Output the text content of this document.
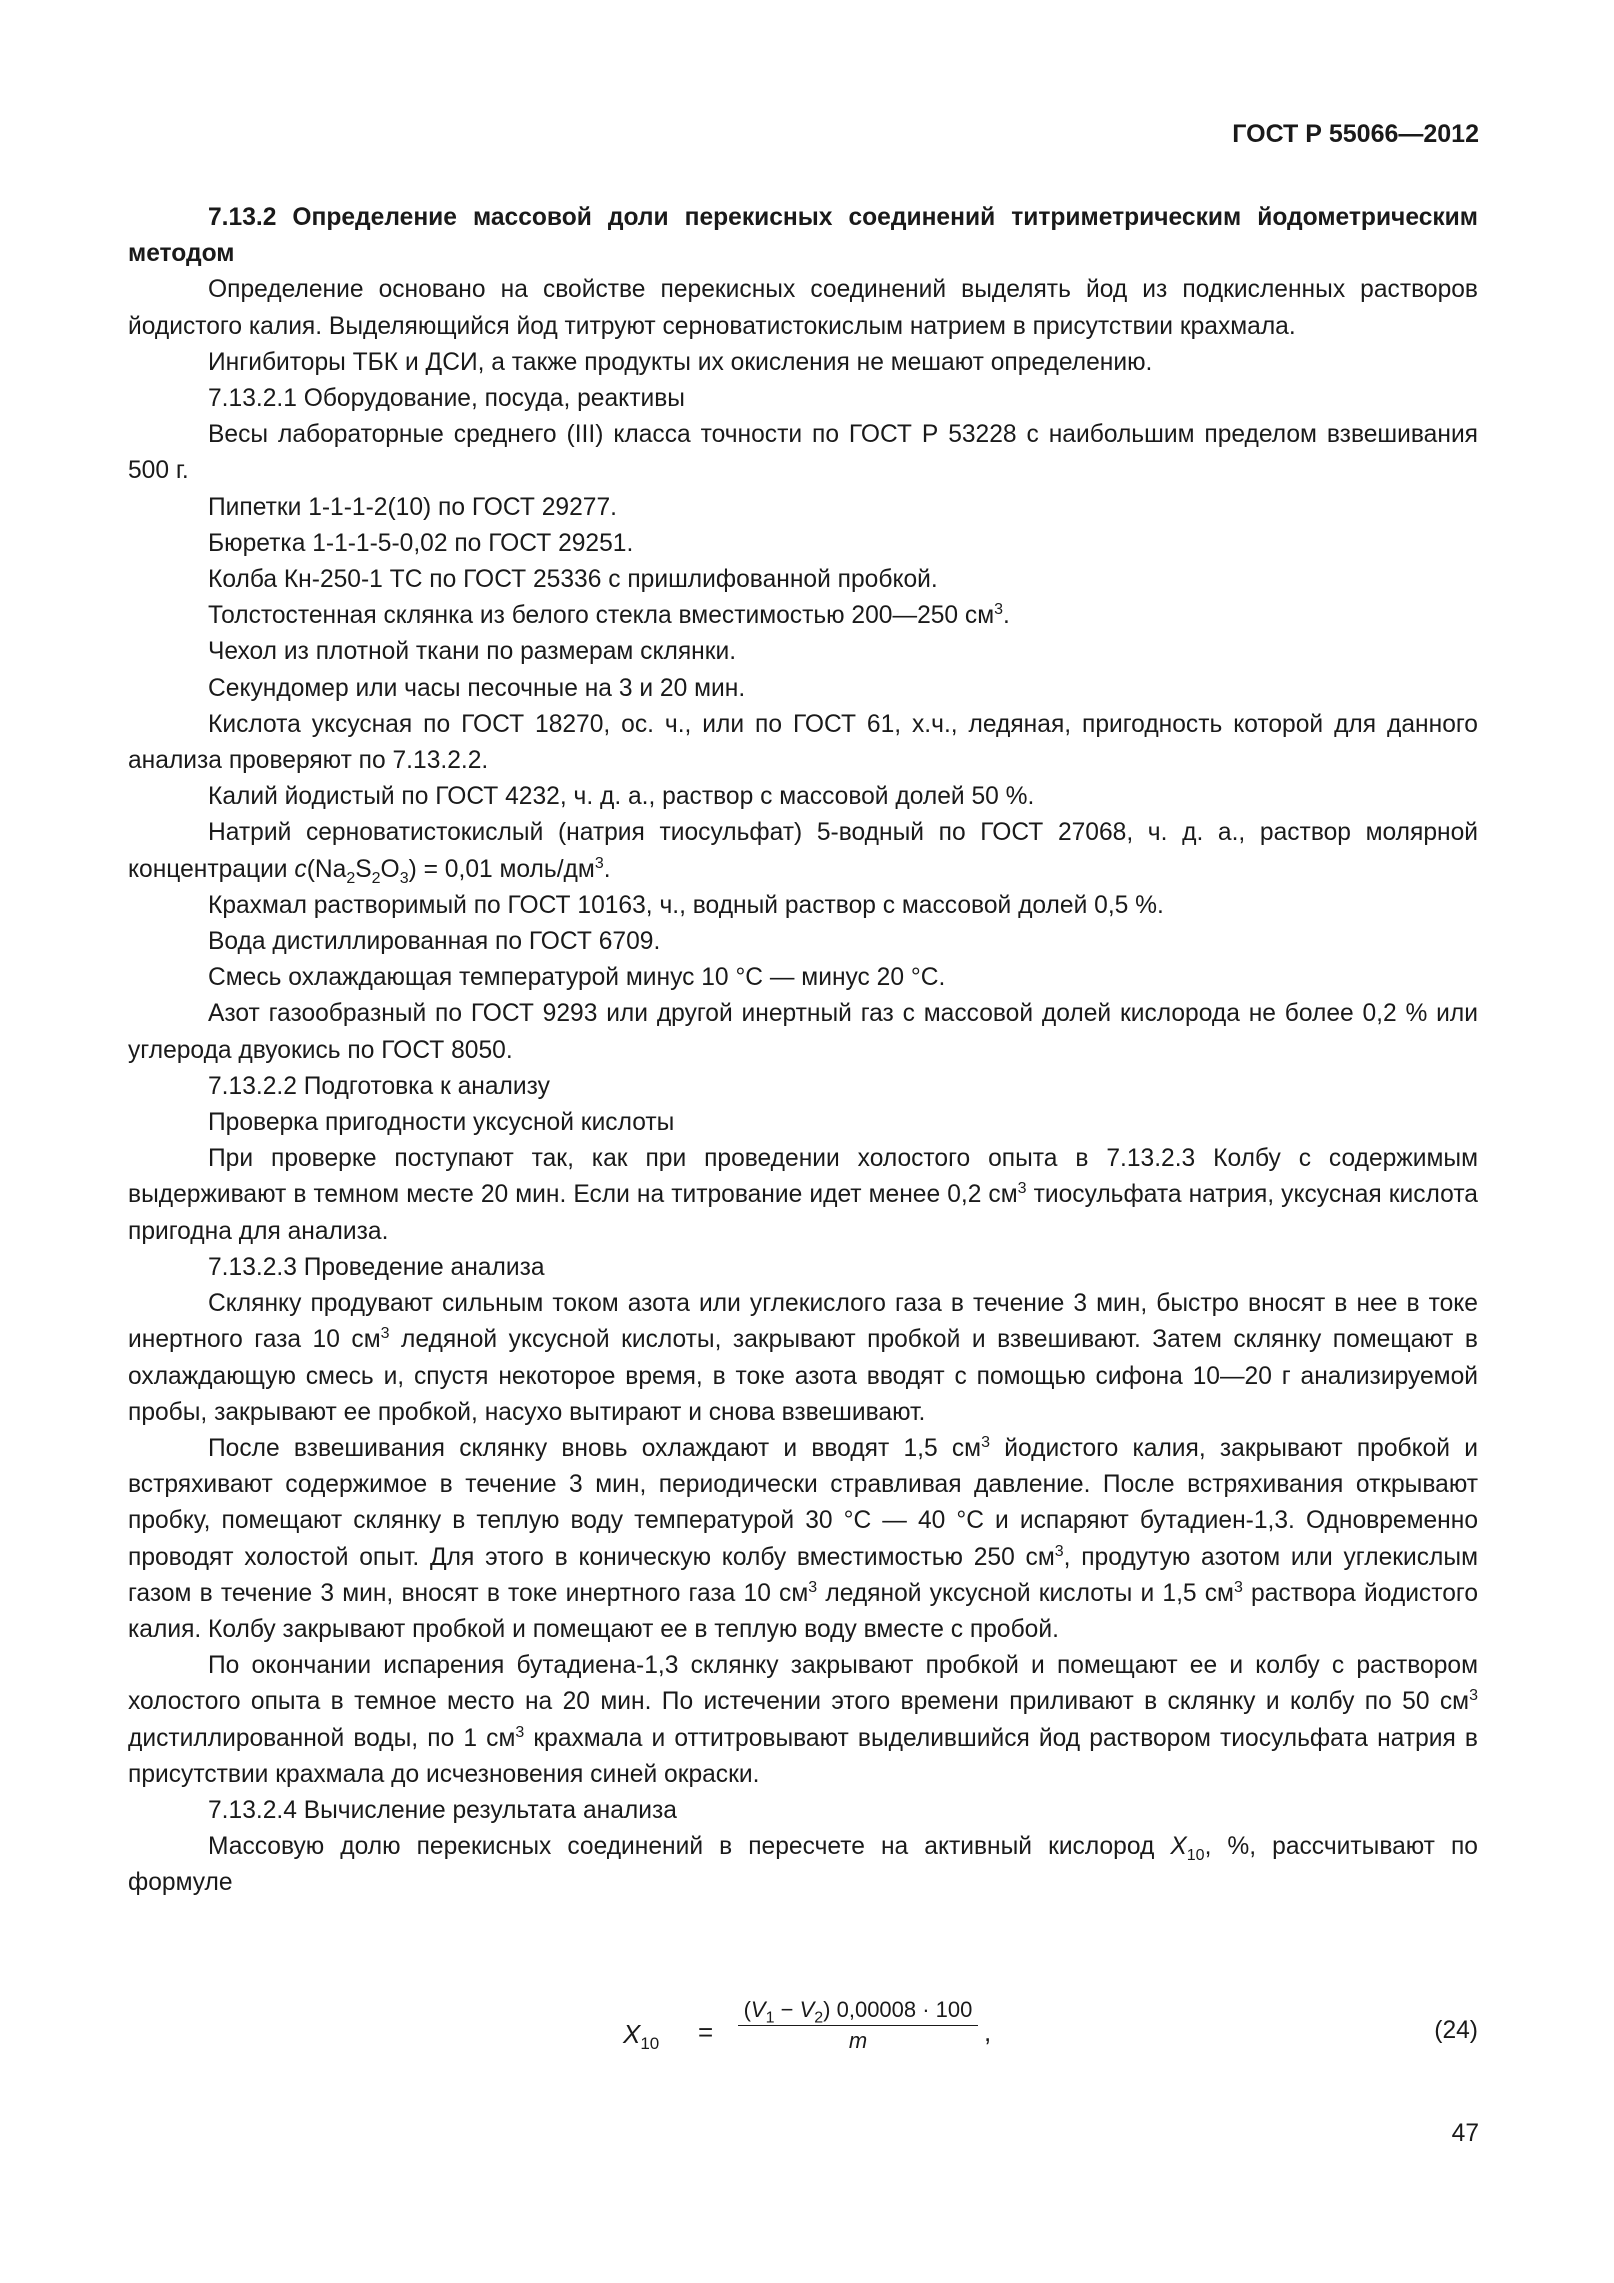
ГОСТ Р 55066—2012

7.13.2 Определение массовой доли перекисных соединений титриметрическим йодометрическим методом

Определение основано на свойстве перекисных соединений выделять йод из подкисленных растворов йодистого калия. Выделяющийся йод титруют серноватистокислым натрием в присутствии крахмала.

Ингибиторы ТБК и ДСИ, а также продукты их окисления не мешают определению.

7.13.2.1 Оборудование, посуда, реактивы

Весы лабораторные среднего (III) класса точности по ГОСТ Р 53228 с наибольшим пределом взвешивания 500 г.

Пипетки 1-1-1-2(10) по ГОСТ 29277.

Бюретка 1-1-1-5-0,02 по ГОСТ 29251.

Колба Кн-250-1 ТС по ГОСТ 25336 с пришлифованной пробкой.

Толстостенная склянка из белого стекла вместимостью 200—250 $см^3$.

Чехол из плотной ткани по размерам склянки.

Секундомер или часы песочные на 3 и 20 мин.

Кислота уксусная по ГОСТ 18270, ос. ч., или по ГОСТ 61, х.ч., ледяная, пригодность которой для данного анализа проверяют по 7.13.2.2.

Калий йодистый по ГОСТ 4232, ч. д. а., раствор с массовой долей 50 %.

Натрий серноватистокислый (натрия тиосульфат) 5-водный по ГОСТ 27068, ч. д. а., раствор молярной концентрации $c(Na_2S_2O_3) = 0,01$ моль/$дм^3$.

Крахмал растворимый по ГОСТ 10163, ч., водный раствор с массовой долей 0,5 %.

Вода дистиллированная по ГОСТ 6709.

Смесь охлаждающая температурой минус 10 °С — минус 20 °С.

Азот газообразный по ГОСТ 9293 или другой инертный газ с массовой долей кислорода не более 0,2 % или углерода двуокись по ГОСТ 8050.

7.13.2.2 Подготовка к анализу

Проверка пригодности уксусной кислоты

При проверке поступают так, как при проведении холостого опыта в 7.13.2.3 Колбу с содержимым выдерживают в темном месте 20 мин. Если на титрование идет менее 0,2 $см^3$ тиосульфата натрия, уксусная кислота пригодна для анализа.

7.13.2.3 Проведение анализа

Склянку продувают сильным током азота или углекислого газа в течение 3 мин, быстро вносят в нее в токе инертного газа 10 $см^3$ ледяной уксусной кислоты, закрывают пробкой и взвешивают. Затем склянку помещают в охлаждающую смесь и, спустя некоторое время, в токе азота вводят с помощью сифона 10—20 г анализируемой пробы, закрывают ее пробкой, насухо вытирают и снова взвешивают.

После взвешивания склянку вновь охлаждают и вводят 1,5 $см^3$ йодистого калия, закрывают пробкой и встряхивают содержимое в течение 3 мин, периодически стравливая давление. После встряхивания открывают пробку, помещают склянку в теплую воду температурой 30 °С — 40 °С и испаряют бутадиен-1,3. Одновременно проводят холостой опыт. Для этого в коническую колбу вместимостью 250 $см^3$, продутую азотом или углекислым газом в течение 3 мин, вносят в токе инертного газа 10 $см^3$ ледяной уксусной кислоты и 1,5 $см^3$ раствора йодистого калия. Колбу закрывают пробкой и помещают ее в теплую воду вместе с пробой.

По окончании испарения бутадиена-1,3 склянку закрывают пробкой и помещают ее и колбу с раствором холостого опыта в темное место на 20 мин. По истечении этого времени приливают в склянку и колбу по 50 $см^3$ дистиллированной воды, по 1 $см^3$ крахмала и оттитровывают выделившийся йод раствором тиосульфата натрия в присутствии крахмала до исчезновения синей окраски.

7.13.2.4 Вычисление результата анализа

Массовую долю перекисных соединений в пересчете на активный кислород $X_{10}$, %, рассчитывают по формуле

$X_{10} = \frac{(V_1 - V_2) 0,00008 \cdot 100}{m}$ ,	(24)
47
